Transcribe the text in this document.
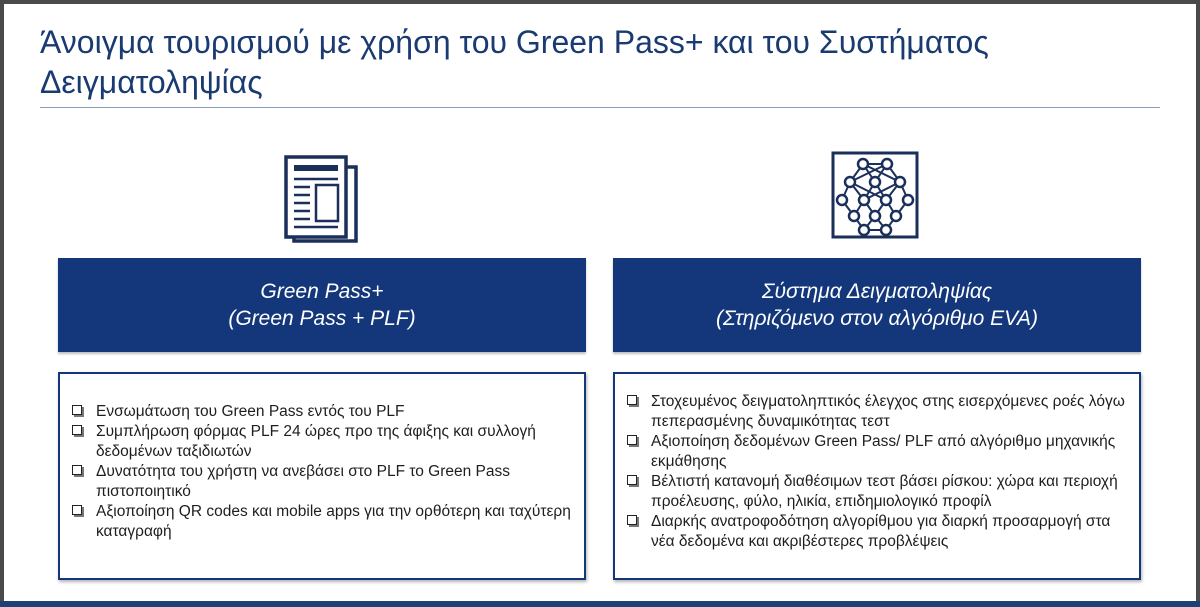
Άνοιγμα τουρισμού με χρήση του Green Pass+ και του Συστήματος Δειγματοληψίας
Green Pass+
(Green Pass + PLF)
Σύστημα Δειγματοληψίας
(Στηριζόμενο στον αλγόριθμο EVA)
Ενσωμάτωση του Green Pass εντός του PLF
Συμπλήρωση φόρμας PLF 24 ώρες προ της άφιξης και συλλογή δεδομένων ταξιδιωτών
Δυνατότητα του χρήστη να ανεβάσει στο PLF το Green Pass πιστοποιητικό
Αξιοποίηση QR codes και mobile apps για την ορθότερη και ταχύτερη καταγραφή
Στοχευμένος δειγματοληπτικός έλεγχος στης εισερχόμενες ροές λόγω πεπερασμένης δυναμικότητας τεστ
Αξιοποίηση δεδομένων Green Pass/ PLF από αλγόριθμο μηχανικής εκμάθησης
Βέλτιστή κατανομή διαθέσιμων τεστ βάσει ρίσκου: χώρα και περιοχή προέλευσης, φύλο, ηλικία, επιδημιολογικό προφίλ
Διαρκής ανατροφοδότηση αλγορίθμου για διαρκή προσαρμογή στα νέα δεδομένα και ακριβέστερες προβλέψεις
